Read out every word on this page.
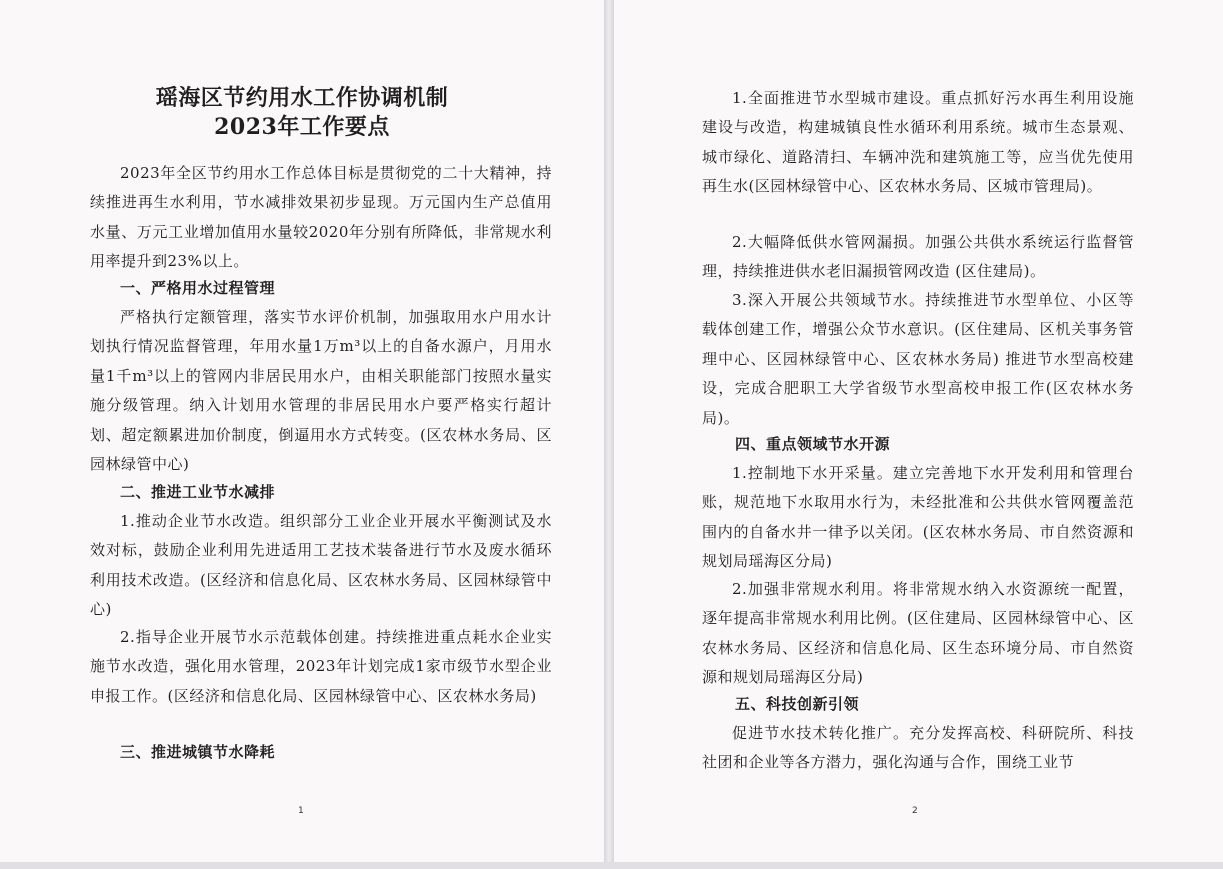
瑶海区节约用水工作协调机制
2023年工作要点

2023年全区节约用水工作总体目标是贯彻党的二十大精神，持续推进再生水利用，节水减排效果初步显现。万元国内生产总值用水量、万元工业增加值用水量较2020年分别有所降低，非常规水利用率提升到23%以上。

一、严格用水过程管理

严格执行定额管理，落实节水评价机制，加强取用水户用水计划执行情况监督管理，年用水量1万m³以上的自备水源户，月用水量1千m³以上的管网内非居民用水户，由相关职能部门按照水量实施分级管理。纳入计划用水管理的非居民用水户要严格实行超计划、超定额累进加价制度，倒逼用水方式转变。(区农林水务局、区园林绿管中心)

二、推进工业节水减排

1.推动企业节水改造。组织部分工业企业开展水平衡测试及水效对标，鼓励企业利用先进适用工艺技术装备进行节水及废水循环利用技术改造。(区经济和信息化局、区农林水务局、区园林绿管中心)

2.指导企业开展节水示范载体创建。持续推进重点耗水企业实施节水改造，强化用水管理，2023年计划完成1家市级节水型企业申报工作。(区经济和信息化局、区园林绿管中心、区农林水务局)

三、推进城镇节水降耗

1

1.全面推进节水型城市建设。重点抓好污水再生利用设施建设与改造，构建城镇良性水循环利用系统。城市生态景观、城市绿化、道路清扫、车辆冲洗和建筑施工等，应当优先使用再生水(区园林绿管中心、区农林水务局、区城市管理局)。

2.大幅降低供水管网漏损。加强公共供水系统运行监督管理，持续推进供水老旧漏损管网改造 (区住建局)。

3.深入开展公共领域节水。持续推进节水型单位、小区等载体创建工作，增强公众节水意识。(区住建局、区机关事务管理中心、区园林绿管中心、区农林水务局) 推进节水型高校建设，完成合肥职工大学省级节水型高校申报工作(区农林水务局)。

四、重点领域节水开源

1.控制地下水开采量。建立完善地下水开发利用和管理台账，规范地下水取用水行为，未经批准和公共供水管网覆盖范围内的自备水井一律予以关闭。(区农林水务局、市自然资源和规划局瑶海区分局)

2.加强非常规水利用。将非常规水纳入水资源统一配置，逐年提高非常规水利用比例。(区住建局、区园林绿管中心、区农林水务局、区经济和信息化局、区生态环境分局、市自然资源和规划局瑶海区分局)

五、科技创新引领

促进节水技术转化推广。充分发挥高校、科研院所、科技社团和企业等各方潜力，强化沟通与合作，围绕工业节

2
